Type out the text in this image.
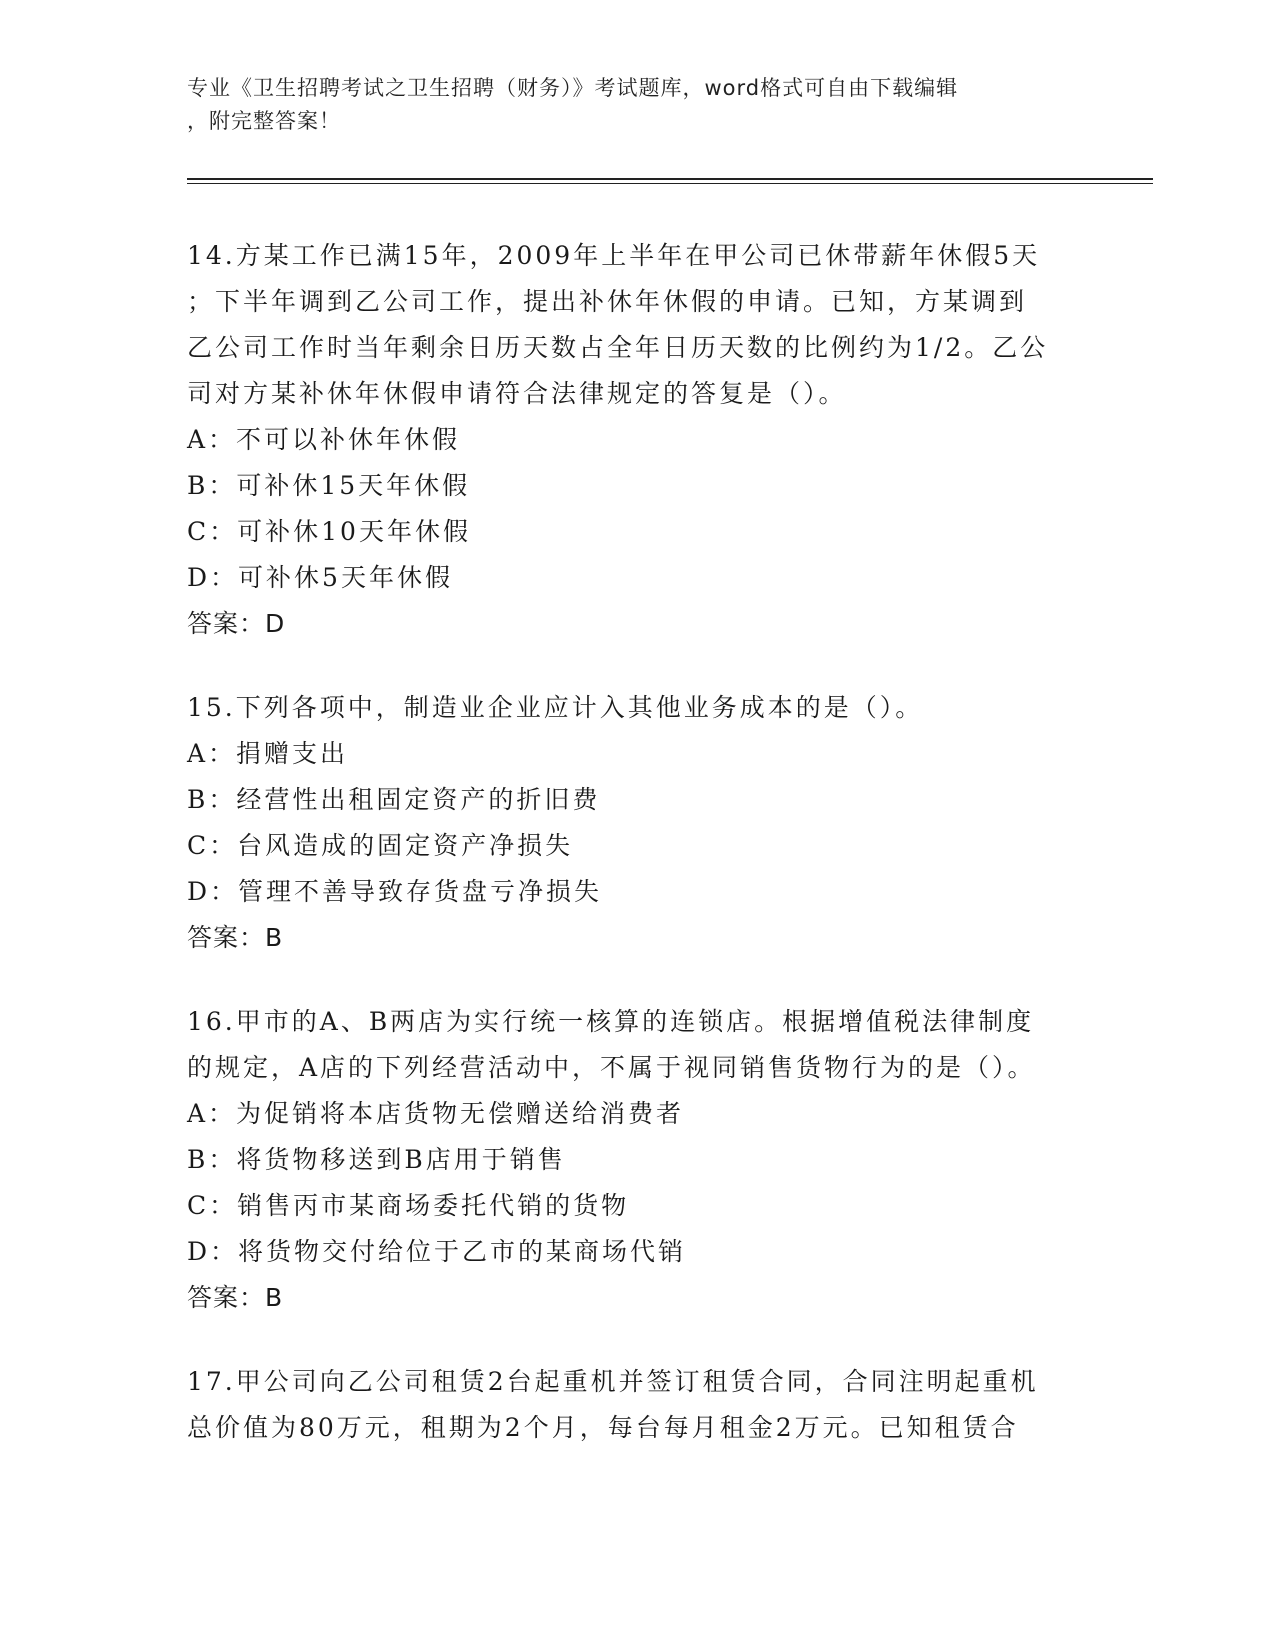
专业《卫生招聘考试之卫生招聘（财务）》考试题库，word格式可自由下载编辑
，附完整答案！
14.方某工作已满15年，2009年上半年在甲公司已休带薪年休假5天
；下半年调到乙公司工作，提出补休年休假的申请。已知，方某调到
乙公司工作时当年剩余日历天数占全年日历天数的比例约为1/2。乙公
司对方某补休年休假申请符合法律规定的答复是（）。
A：不可以补休年休假
B：可补休15天年休假
C：可补休10天年休假
D：可补休5天年休假
答案：D
15.下列各项中，制造业企业应计入其他业务成本的是（）。
A：捐赠支出
B：经营性出租固定资产的折旧费
C：台风造成的固定资产净损失
D：管理不善导致存货盘亏净损失
答案：B
16.甲市的A、B两店为实行统一核算的连锁店。根据增值税法律制度
的规定，A店的下列经营活动中，不属于视同销售货物行为的是（）。
A：为促销将本店货物无偿赠送给消费者
B：将货物移送到B店用于销售
C：销售丙市某商场委托代销的货物
D：将货物交付给位于乙市的某商场代销
答案：B
17.甲公司向乙公司租赁2台起重机并签订租赁合同，合同注明起重机
总价值为80万元，租期为2个月，每台每月租金2万元。已知租赁合
